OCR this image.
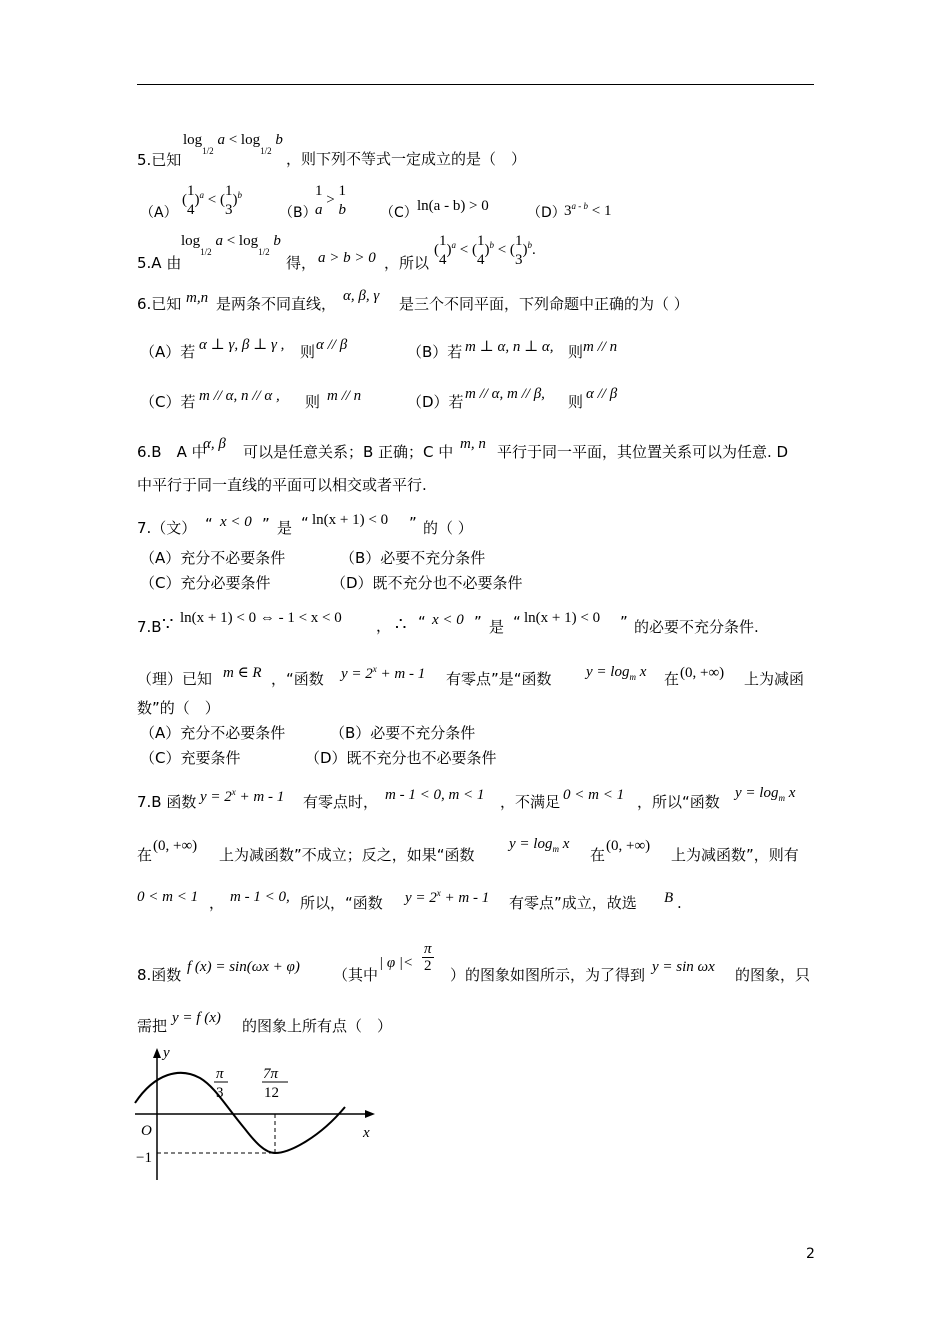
$\log_{1/2} a < \log_{1/2} b$
5.已知	，则下列不等式一定成立的是（　）
（A）
(1
4)$^a$ < (1
3)$^b$
（B）
1
a > 1
b （C） ln(a - b) > 0	（D）
$3^{a - b} < 1$
$\log_{1/2} a < \log_{1/2} b$
5.A 由	得， a > b > 0 ，所以
(1
4)$^a$ < (1
4)$^b$ < (1
3)$^b$.
6.已知 m,n 是两条不同直线， α, β, γ 是三个不同平面，下列命题中正确的为（ ）
（A）若 α ⊥ γ, β ⊥ γ , 则 α // β	（B）若 m ⊥ α, n ⊥ α, 则 m // n
（C）若 m // α, n // α , 则 m // n	（D）若 m // α, m // β, 则 α // β
6.B　A 中
α, β 可以是任意关系；B 正确；C 中 m, n 平行于同一平面，其位置关系可以为任意. D
中平行于同一直线的平面可以相交或者平行.
7.（文） “ x < 0 ” 是 “ ln(x + 1) < 0 ” 的（ ）
（A）充分不必要条件	（B）必要不充分条件
（C）充分必要条件	（D）既不充分也不必要条件
7.B ∵ ln(x + 1) < 0 ⇔ - 1 < x < 0 ， ∴ “ x < 0 ” 是 “ ln(x + 1) < 0 ” 的必要不充分条件.
（理）已知 m ∈ R ，“函数 $y = 2^x + m - 1$ 有零点”是“函数 $y = \log_m x$ 在 (0, +∞) 上为减函
数”的（　）
（A）充分不必要条件	（B）必要不充分条件
（C）充要条件	（D）既不充分也不必要条件
7.B 函数 $y = 2^x + m - 1$ 有零点时， m - 1 < 0, m < 1 ，不满足 0 < m < 1 ，所以“函数 $y = \log_m x$
在 (0, +∞) 上为减函数”不成立；反之，如果“函数
$y = \log_m x$
在 (0, +∞) 上为减函数”，则有
0 < m < 1 ， m - 1 < 0, 所以，“函数 $y = 2^x + m - 1$ 有零点”成立，故选 B .
8.函数 f (x) = sin(ωx + φ) （其中
| φ |<
π
2 ）的图象如图所示，为了得到 y = sin ωx 的图象，只
需把 y = f (x) 的图象上所有点（　）
y
x
O
−1
π
3
7π
12
2
